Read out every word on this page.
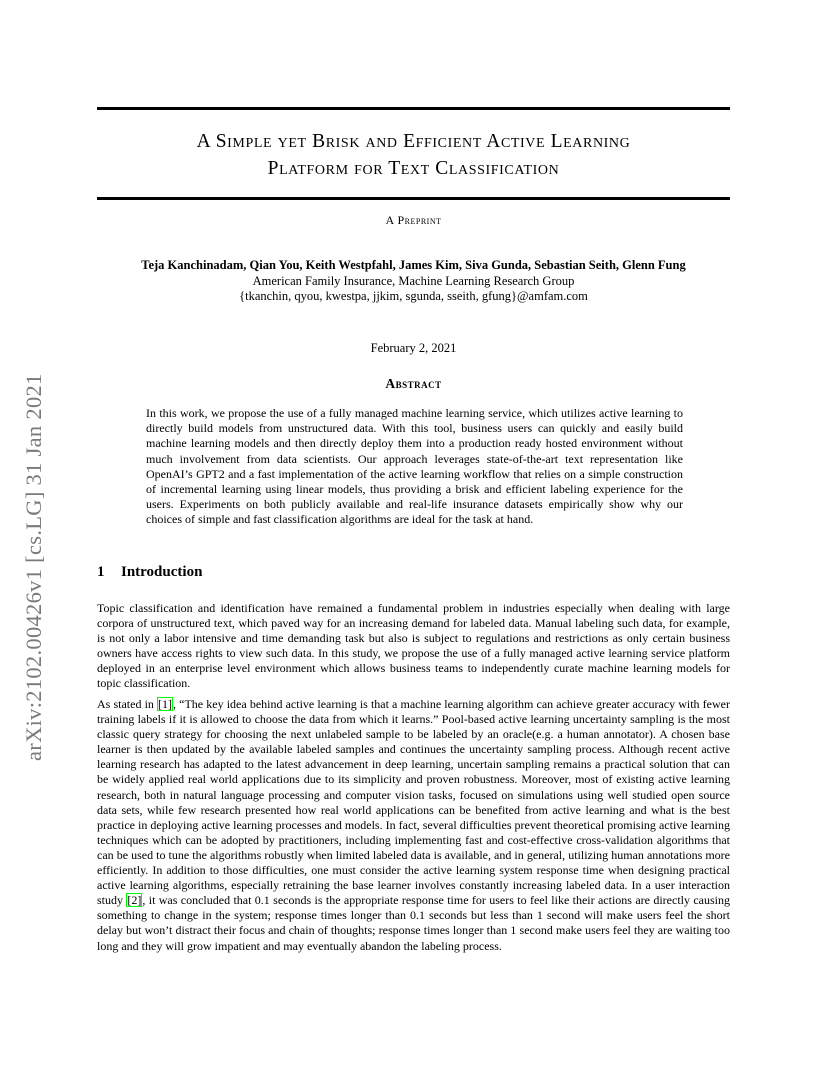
arXiv:2102.00426v1 [cs.LG] 31 Jan 2021
A Simple yet Brisk and Efficient Active Learning
Platform for Text Classification
A Preprint
Teja Kanchinadam, Qian You, Keith Westpfahl, James Kim, Siva Gunda, Sebastian Seith, Glenn Fung
American Family Insurance, Machine Learning Research Group
{tkanchin, qyou, kwestpa, jjkim, sgunda, sseith, gfung}@amfam.com
February 2, 2021
Abstract

In this work, we propose the use of a fully managed machine learning service, which utilizes active learning to directly build models from unstructured data. With this tool, business users can quickly and easily build machine learning models and then directly deploy them into a production ready hosted environment without much involvement from data scientists. Our approach leverages state-of-the-art text representation like OpenAI’s GPT2 and a fast implementation of the active learning workflow that relies on a simple construction of incremental learning using linear models, thus providing a brisk and efficient labeling experience for the users. Experiments on both publicly available and real-life insurance datasets empirically show why our choices of simple and fast classification algorithms are ideal for the task at hand.

1 Introduction

Topic classification and identification have remained a fundamental problem in industries especially when dealing with large corpora of unstructured text, which paved way for an increasing demand for labeled data. Manual labeling such data, for example, is not only a labor intensive and time demanding task but also is subject to regulations and restrictions as only certain business owners have access rights to view such data. In this study, we propose the use of a fully managed active learning service platform deployed in an enterprise level environment which allows business teams to independently curate machine learning models for topic classification.

As stated in [1], “The key idea behind active learning is that a machine learning algorithm can achieve greater accuracy with fewer training labels if it is allowed to choose the data from which it learns.” Pool-based active learning uncertainty sampling is the most classic query strategy for choosing the next unlabeled sample to be labeled by an oracle(e.g. a human annotator). A chosen base learner is then updated by the available labeled samples and continues the uncertainty sampling process. Although recent active learning research has adapted to the latest advancement in deep learning, uncertain sampling remains a practical solution that can be widely applied real world applications due to its simplicity and proven robustness. Moreover, most of existing active learning research, both in natural language processing and computer vision tasks, focused on simulations using well studied open source data sets, while few research presented how real world applications can be benefited from active learning and what is the best practice in deploying active learning processes and models. In fact, several difficulties prevent theoretical promising active learning techniques which can be adopted by practitioners, including implementing fast and cost-effective cross-validation algorithms that can be used to tune the algorithms robustly when limited labeled data is available, and in general, utilizing human annotations more efficiently. In addition to those difficulties, one must consider the active learning system response time when designing practical active learning algorithms, especially retraining the base learner involves constantly increasing labeled data. In a user interaction study [2], it was concluded that 0.1 seconds is the appropriate response time for users to feel like their actions are directly causing something to change in the system; response times longer than 0.1 seconds but less than 1 second will make users feel the short delay but won’t distract their focus and chain of thoughts; response times longer than 1 second make users feel they are waiting too long and they will grow impatient and may eventually abandon the labeling process.
